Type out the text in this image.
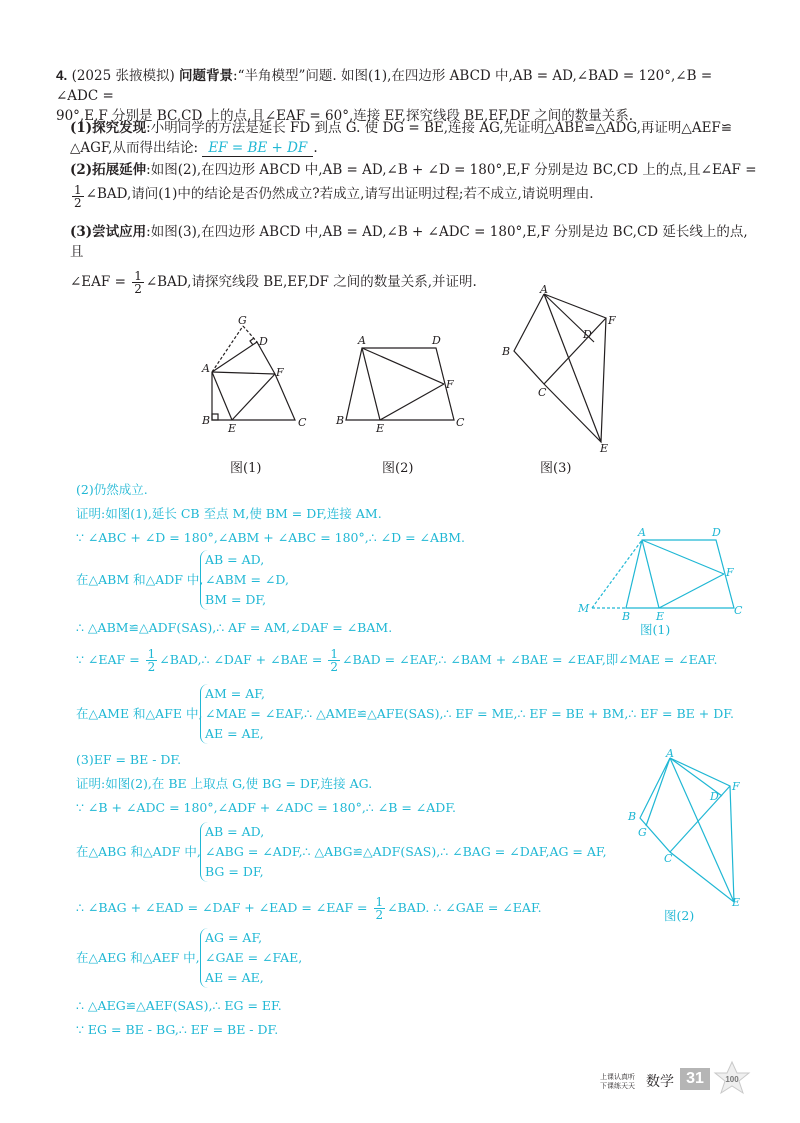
4. (2025 张掖模拟) 问题背景:“半角模型”问题. 如图(1),在四边形 ABCD 中,AB = AD,∠BAD = 120°,∠B = ∠ADC =
90°,E,F 分别是 BC,CD 上的点,且∠EAF = 60°,连接 EF,探究线段 BE,EF,DF 之间的数量关系.
(1)探究发现:小明同学的方法是延长 FD 到点 G. 使 DG = BE,连接 AG,先证明△ABE≌△ADG,再证明△AEF≌
△AGF,从而得出结论: EF = BE + DF .
(2)拓展延伸:如图(2),在四边形 ABCD 中,AB = AD,∠B + ∠D = 180°,E,F 分别是边 BC,CD 上的点,且∠EAF =

$\frac{1}{2}$ ∠BAD,请问(1)中的结论是否仍然成立?若成立,请写出证明过程;若不成立,请说明理由.
(3)尝试应用:如图(3),在四边形 ABCD 中,AB = AD,∠B + ∠ADC = 180°,E,F 分别是边 BC,CD 延长线上的点,且
∠EAF = $\frac{1}{2}$ ∠BAD,请探究线段 BE,EF,DF 之间的数量关系,并证明.
A
B	C
D
E
F
G
图(1)
A	D
B	C
E
F
图(2)
A
B
C
D
E
F
图(3)
(2)仍然成立.
证明:如图(1),延长 CB 至点 M,使 BM = DF,连接 AM.
∵ ∠ABC + ∠D = 180°,∠ABM + ∠ABC = 180°,∴ ∠D = ∠ABM.
在△ABM 和△ADF 中,
AB = AD,
∠ABM = ∠D,
BM = DF,
∴ △ABM≌△ADF(SAS),∴ AF = AM,∠DAF = ∠BAM.
∵ ∠EAF = $\frac{1}{2}$ ∠BAD,∴ ∠DAF + ∠BAE = $\frac{1}{2}$ ∠BAD = ∠EAF,∴ ∠BAM + ∠BAE = ∠EAF,即∠MAE = ∠EAF.
在△AME 和△AFE 中,
AM = AF,
∠MAE = ∠EAF,∴ △AME≌△AFE(SAS),∴ EF = ME,∴ EF = BE + BM,∴ EF = BE + DF.
AE = AE,
(3)EF = BE - DF.
证明:如图(2),在 BE 上取点 G,使 BG = DF,连接 AG.
∵ ∠B + ∠ADC = 180°,∠ADF + ∠ADC = 180°,∴ ∠B = ∠ADF.
在△ABG 和△ADF 中,
AB = AD,
∠ABG = ∠ADF,∴ △ABG≌△ADF(SAS),∴ ∠BAG = ∠DAF,AG = AF,
BG = DF,
∴ ∠BAG + ∠EAD = ∠DAF + ∠EAD = ∠EAF = $\frac{1}{2}$ ∠BAD. ∴ ∠GAE = ∠EAF.
在△AEG 和△AEF 中,
AG = AF,
∠GAE = ∠FAE,
AE = AE,
∴ △AEG≌△AEF(SAS),∴ EG = EF.
∵ EG = BE - BG,∴ EF = BE - DF.
A	D
F
M
B E	C
图(1)
A
B
G
C
D
F
E
图(2)
上课认真听
下课练天天 数学 31	100
